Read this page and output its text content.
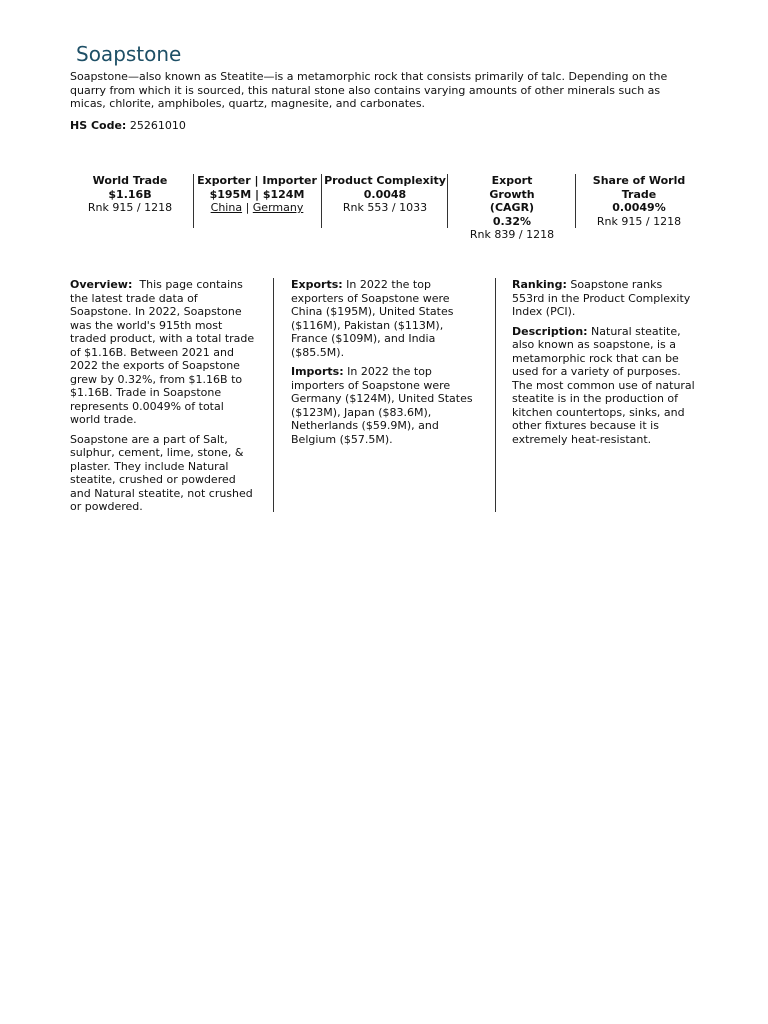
Soapstone

Soapstone—also known as Steatite—is a metamorphic rock that consists primarily of talc. Depending on the quarry from which it is sourced, this natural stone also contains varying amounts of other minerals such as micas, chlorite, amphiboles, quartz, magnesite, and carbonates.

HS Code: 25261010

World Trade
$1.16B
Rnk 915 / 1218
Exporter | Importer
$195M | $124M
China | Germany
Product Complexity
0.0048
Rnk 553 / 1033
Export Growth (CAGR)
0.32%
Rnk 839 / 1218
Share of World Trade
0.0049%
Rnk 915 / 1218

Overview: This page contains the latest trade data of Soapstone. In 2022, Soapstone was the world's 915th most traded product, with a total trade of $1.16B. Between 2021 and 2022 the exports of Soapstone grew by 0.32%, from $1.16B to $1.16B. Trade in Soapstone represents 0.0049% of total world trade.

Soapstone are a part of Salt, sulphur, cement, lime, stone, & plaster. They include Natural steatite, crushed or powdered and Natural steatite, not crushed or powdered.

Exports: In 2022 the top exporters of Soapstone were China ($195M), United States ($116M), Pakistan ($113M), France ($109M), and India ($85.5M).

Imports: In 2022 the top importers of Soapstone were Germany ($124M), United States ($123M), Japan ($83.6M), Netherlands ($59.9M), and Belgium ($57.5M).

Ranking: Soapstone ranks 553rd in the Product Complexity Index (PCI).

Description: Natural steatite, also known as soapstone, is a metamorphic rock that can be used for a variety of purposes. The most common use of natural steatite is in the production of kitchen countertops, sinks, and other fixtures because it is extremely heat-resistant.
